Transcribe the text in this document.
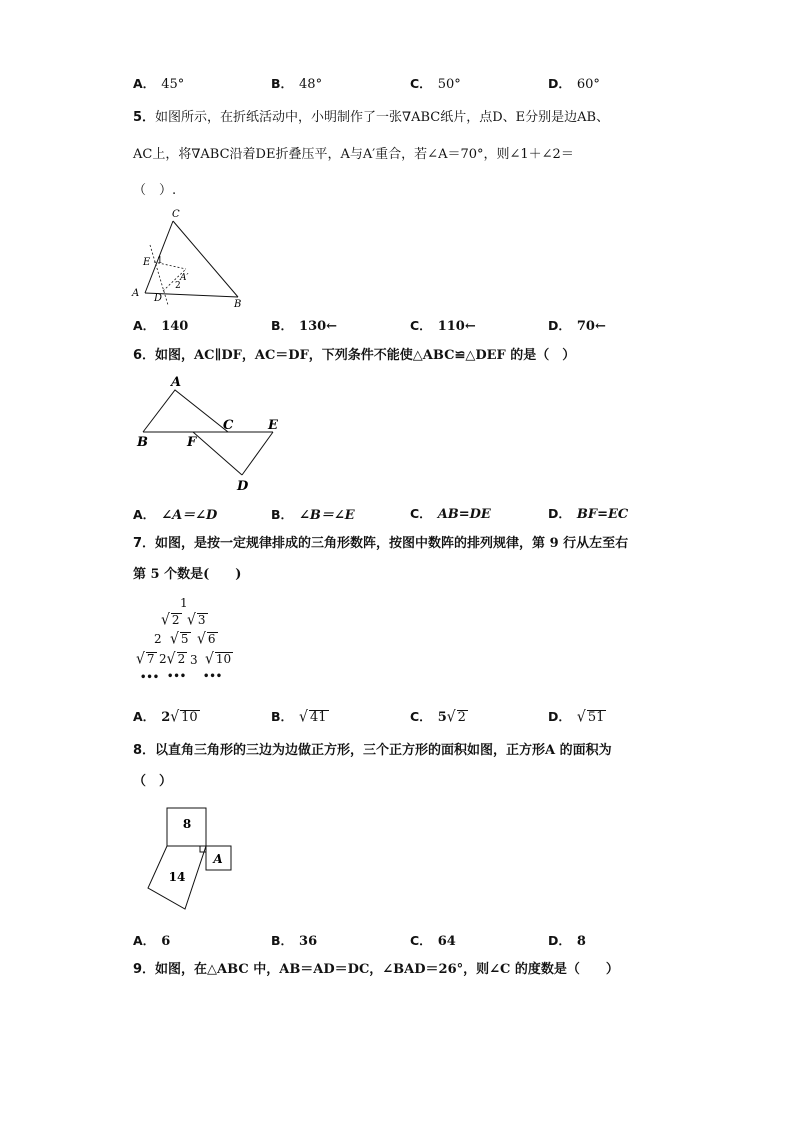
A． 45°	B． 48°	C． 50°	D． 60°
5．如图所示，在折纸活动中，小明制作了一张∇ABC纸片，点D、E分别是边AB、
AC上，将∇ABC沿着DE折叠压平，A与A′重合，若∠A＝70°，则∠1＋∠2＝
（　）.
C
E 1
A′
2
A D
B
A． 140	B． 130←	C． 110←	D． 70←
6．如图，AC∥DF，AC＝DF，下列条件不能使△ABC≌△DEF 的是（　）
A
B
C	E
F
D
A． ∠A＝∠D	B． ∠B＝∠E	C． AB=DE	D． BF=EC
7．如图，是按一定规律排成的三角形数阵，按图中数阵的排列规律，第 9 行从左至右
第 5 个数是(　　)
1
√ 2 √ 3
2 √ 5 √ 6
√ 7 2√ 2 3 √ 10
••• ••• •••
A． 2√ 10	B． √ 41	C． 5√ 2	D． √ 51
8．以直角三角形的三边为边做正方形，三个正方形的面积如图，正方形A 的面积为
（　）
8
14
A
A． 6	B． 36	C． 64	D． 8
9．如图，在△ABC 中，AB＝AD＝DC，∠BAD＝26°，则∠C 的度数是（　　）
